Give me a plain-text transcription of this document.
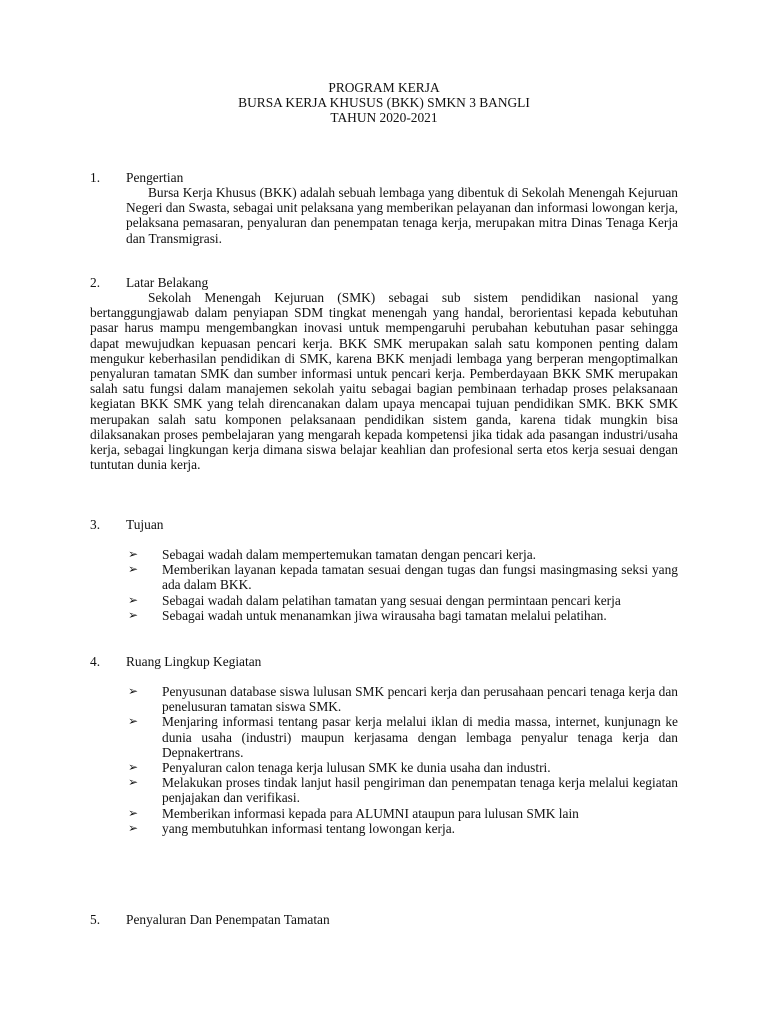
PROGRAM KERJA
BURSA KERJA KHUSUS (BKK) SMKN 3 BANGLI
TAHUN 2020-2021
1.	Pengertian

Bursa Kerja Khusus (BKK) adalah sebuah lembaga yang dibentuk di Sekolah Menengah Kejuruan Negeri dan Swasta, sebagai unit pelaksana yang memberikan pelayanan dan informasi lowongan kerja, pelaksana pemasaran, penyaluran dan penempatan tenaga kerja, merupakan mitra Dinas Tenaga Kerja dan Transmigrasi.

2.	Latar Belakang

Sekolah Menengah Kejuruan (SMK) sebagai sub sistem pendidikan nasional yang bertanggungjawab dalam penyiapan SDM tingkat menengah yang handal, berorientasi kepada kebutuhan pasar harus mampu mengembangkan inovasi untuk mempengaruhi perubahan kebutuhan pasar sehingga dapat mewujudkan kepuasan pencari kerja. BKK SMK merupakan salah satu komponen penting dalam mengukur keberhasilan pendidikan di SMK, karena BKK menjadi lembaga yang berperan mengoptimalkan penyaluran tamatan SMK dan sumber informasi untuk pencari kerja. Pemberdayaan BKK SMK merupakan salah satu fungsi dalam manajemen sekolah yaitu sebagai bagian pembinaan terhadap proses pelaksanaan kegiatan BKK SMK yang telah direncanakan dalam upaya mencapai tujuan pendidikan SMK. BKK SMK merupakan salah satu komponen pelaksanaan pendidikan sistem ganda, karena tidak mungkin bisa dilaksanakan proses pembelajaran yang mengarah kepada kompetensi jika tidak ada pasangan industri/usaha kerja, sebagai lingkungan kerja dimana siswa belajar keahlian dan profesional serta etos kerja sesuai dengan tuntutan dunia kerja.

3.	Tujuan
➢ Sebagai wadah dalam mempertemukan tamatan dengan pencari kerja.
➢ Memberikan layanan kepada tamatan sesuai dengan tugas dan fungsi masingmasing seksi yang ada dalam BKK.
➢ Sebagai wadah dalam pelatihan tamatan yang sesuai dengan permintaan pencari kerja
➢ Sebagai wadah untuk menanamkan jiwa wirausaha bagi tamatan melalui pelatihan.
4.	Ruang Lingkup Kegiatan
➢ Penyusunan database siswa lulusan SMK pencari kerja dan perusahaan pencari tenaga kerja dan penelusuran tamatan siswa SMK.
➢ Menjaring informasi tentang pasar kerja melalui iklan di media massa, internet, kunjunagn ke dunia usaha (industri) maupun kerjasama dengan lembaga penyalur tenaga kerja dan Depnakertrans.
➢ Penyaluran calon tenaga kerja lulusan SMK ke dunia usaha dan industri.
➢ Melakukan proses tindak lanjut hasil pengiriman dan penempatan tenaga kerja melalui kegiatan penjajakan dan verifikasi.
➢ Memberikan informasi kepada para ALUMNI ataupun para lulusan SMK lain
➢ yang membutuhkan informasi tentang lowongan kerja.
5.	Penyaluran Dan Penempatan Tamatan
